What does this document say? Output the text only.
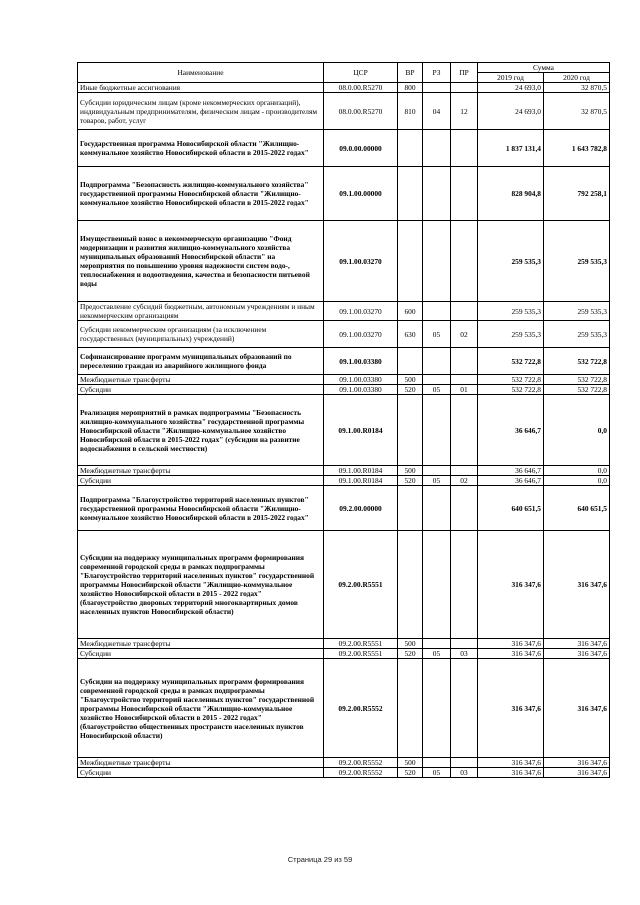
Наименование	ЦСР	ВР	РЗ	ПР	Сумма	
					2019 год	2020 год
Иные бюджетные ассигнования	08.0.00.R5270	800			24 693,0	32 870,5
Субсидии юридическим лицам (кроме некоммерческих организаций), индивидуальным предпринимателям, физическим лицам - производителям товаров, работ, услуг	08.0.00.R5270	810	04	12	24 693,0	32 870,5
Государственная программа Новосибирской области "Жилищно-коммунальное хозяйство Новосибирской области в 2015-2022 годах"	09.0.00.00000				1 837 131,4	1 643 782,8
Подпрограмма "Безопасность жилищно-коммунального хозяйства" государственной программы Новосибирской области "Жилищно-коммунальное хозяйство Новосибирской области в 2015-2022 годах"	09.1.00.00000				828 904,8	792 258,1
Имущественный взнос в некоммерческую организацию "Фонд модернизации и развития жилищно-коммунального хозяйства муниципальных образований Новосибирской области" на мероприятия по повышению уровня надежности систем водо-, теплоснабжения и водоотведения, качества и безопасности питьевой воды	09.1.00.03270				259 535,3	259 535,3
Предоставление субсидий бюджетным, автономным учреждениям и иным некоммерческим организациям	09.1.00.03270	600			259 535,3	259 535,3
Субсидии некоммерческим организациям (за исключением государственных (муниципальных) учреждений)	09.1.00.03270	630	05	02	259 535,3	259 535,3
Софинансирование программ муниципальных образований по переселению граждан из аварийного жилищного фонда	09.1.00.03380				532 722,8	532 722,8
Межбюджетные трансферты	09.1.00.03380	500			532 722,8	532 722,8
Субсидии	09.1.00.03380	520	05	01	532 722,8	532 722,8
Реализация мероприятий в рамках подпрограммы "Безопасность жилищно-коммунального хозяйства" государственной программы Новосибирской области "Жилищно-коммунальное хозяйство Новосибирской области в 2015-2022 годах" (субсидии на развитие водоснабжения в сельской местности)	09.1.00.R0184				36 646,7	0,0
Межбюджетные трансферты	09.1.00.R0184	500			36 646,7	0,0
Субсидии	09.1.00.R0184	520	05	02	36 646,7	0,0
Подпрограмма "Благоустройство территорий населенных пунктов" государственной программы Новосибирской области "Жилищно-коммунальное хозяйство Новосибирской области в 2015-2022 годах"	09.2.00.00000				640 651,5	640 651,5
Субсидии на поддержку муниципальных программ формирования современной городской среды в рамках подпрограммы "Благоустройство территорий населенных пунктов" государственной программы Новосибирской области "Жилищно-коммунальное хозяйство Новосибирской области в 2015 - 2022 годах" (благоустройство дворовых территорий многоквартирных домов населенных пунктов Новосибирской области)	09.2.00.R5551				316 347,6	316 347,6
Межбюджетные трансферты	09.2.00.R5551	500			316 347,6	316 347,6
Субсидии	09.2.00.R5551	520	05	03	316 347,6	316 347,6
Субсидии на поддержку муниципальных программ формирования современной городской среды в рамках подпрограммы "Благоустройство территорий населенных пунктов" государственной программы Новосибирской области "Жилищно-коммунальное хозяйство Новосибирской области в 2015 - 2022 годах" (благоустройство общественных пространств населенных пунктов Новосибирской области)	09.2.00.R5552				316 347,6	316 347,6
Межбюджетные трансферты	09.2.00.R5552	500			316 347,6	316 347,6
Субсидии	09.2.00.R5552	520	05	03	316 347,6	316 347,6
Страница 29 из 59
